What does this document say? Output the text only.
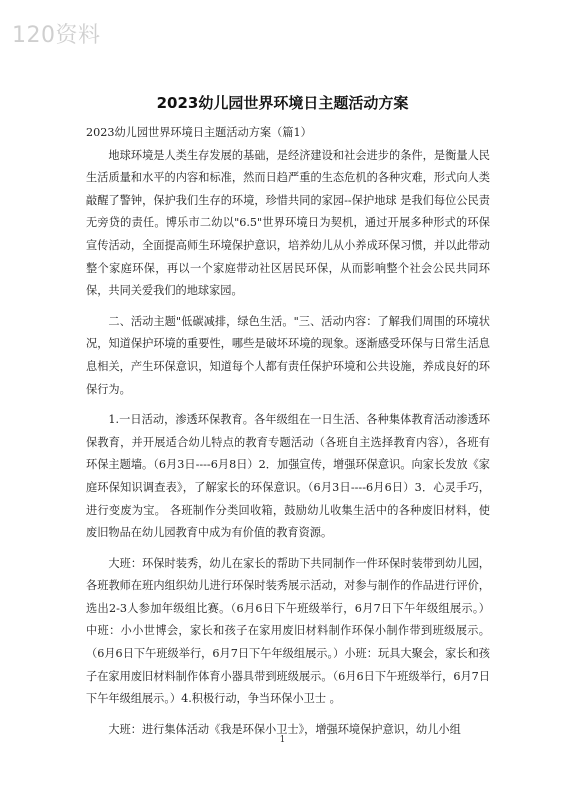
120资料
2023幼儿园世界环境日主题活动方案

2023幼儿园世界环境日主题活动方案（篇1）

地球环境是人类生存发展的基础，是经济建设和社会进步的条件，是衡量人民生活质量和水平的内容和标准，然而日趋严重的生态危机的各种灾难，形式向人类敲醒了警钟，保护我们生存的环境，珍惜共同的家园--保护地球 是我们每位公民责无旁贷的责任。博乐市二幼以"6.5"世界环境日为契机，通过开展多种形式的环保宣传活动，全面提高师生环境保护意识，培养幼儿从小养成环保习惯，并以此带动整个家庭环保，再以一个家庭带动社区居民环保，从而影响整个社会公民共同环保，共同关爱我们的地球家园。

二、活动主题"低碳减排，绿色生活。"三、活动内容：了解我们周围的环境状况，知道保护环境的重要性，哪些是破坏环境的现象。逐渐感受环保与日常生活息息相关，产生环保意识，知道每个人都有责任保护环境和公共设施，养成良好的环保行为。

1.一日活动，渗透环保教育。各年级组在一日生活、各种集体教育活动渗透环保教育，并开展适合幼儿特点的教育专题活动（各班自主选择教育内容），各班有环保主题墙。（6月3日----6月8日）2．加强宣传，增强环保意识。向家长发放《家庭环保知识调查表》，了解家长的环保意识。（6月3日----6月6日）3．心灵手巧，进行变废为宝。 各班制作分类回收箱，鼓励幼儿收集生活中的各种废旧材料，使废旧物品在幼儿园教育中成为有价值的教育资源。

大班：环保时装秀，幼儿在家长的帮助下共同制作一件环保时装带到幼儿园，各班教师在班内组织幼儿进行环保时装秀展示活动，对参与制作的作品进行评价，选出2-3人参加年级组比赛。（6月6日下午班级举行，6月7日下午年级组展示。）中班：小小世博会，家长和孩子在家用废旧材料制作环保小制作带到班级展示。（6月6日下午班级举行，6月7日下午年级组展示。）小班：玩具大聚会，家长和孩子在家用废旧材料制作体育小器具带到班级展示。（6月6日下午班级举行，6月7日下午年级组展示。）4.积极行动，争当环保小卫士 。

大班：进行集体活动《我是环保小卫士》，增强环境保护意识，幼儿小组

1
